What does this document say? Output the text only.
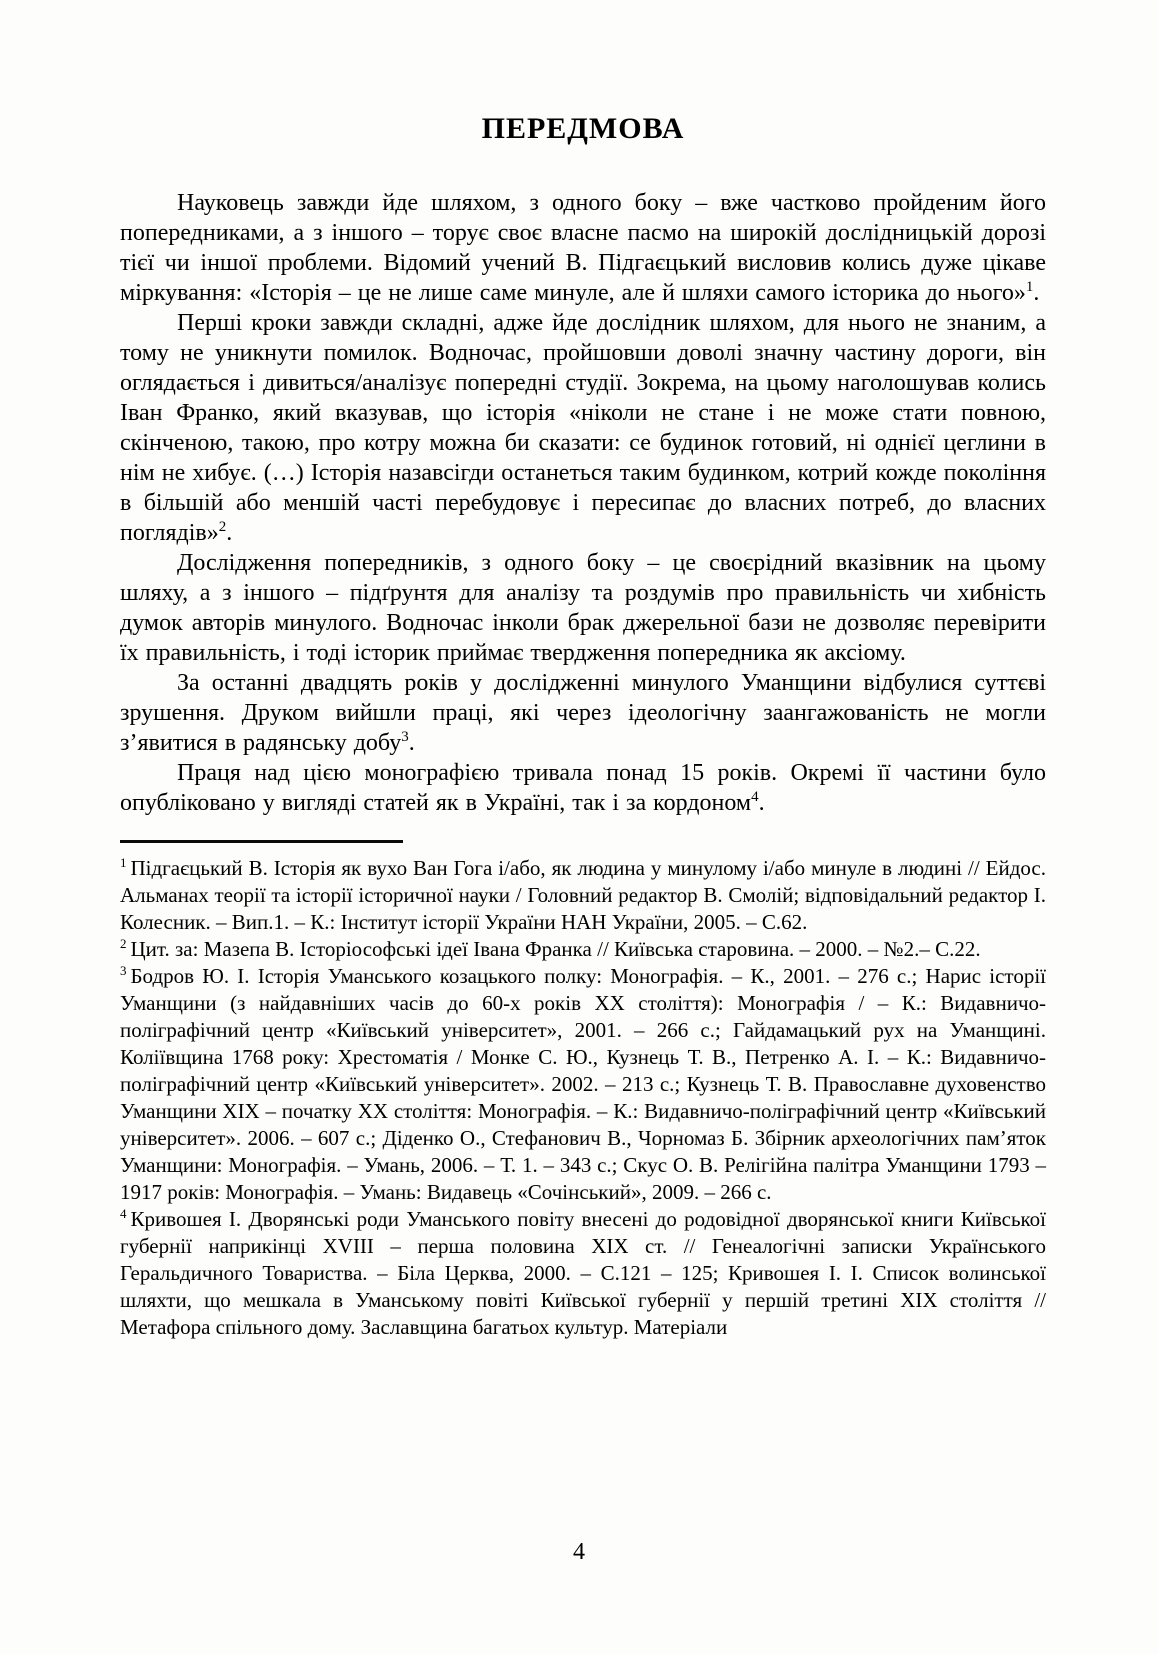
ПЕРЕДМОВА

Науковець завжди йде шляхом, з одного боку – вже частково пройденим його попередниками, а з іншого – торує своє власне пасмо на широкій дослідницькій дорозі тієї чи іншої проблеми. Відомий учений В. Підгаєцький висловив колись дуже цікаве міркування: «Історія – це не лише саме минуле, але й шляхи самого історика до нього»$^1$.

Перші кроки завжди складні, адже йде дослідник шляхом, для нього не знаним, а тому не уникнути помилок. Водночас, пройшовши доволі значну частину дороги, він оглядається і дивиться/аналізує попередні студії. Зокрема, на цьому наголошував колись Іван Франко, який вказував, що історія «ніколи не стане і не може стати повною, скінченою, такою, про котру можна би сказати: се будинок готовий, ні однієї цеглини в нім не хибує. (…) Історія назавсігди останеться таким будинком, котрий кожде покоління в більшій або меншій часті перебудовує і пересипає до власних потреб, до власних поглядів»$^2$.

Дослідження попередників, з одного боку – це своєрідний вказівник на цьому шляху, а з іншого – підґрунтя для аналізу та роздумів про правильність чи хибність думок авторів минулого. Водночас інколи брак джерельної бази не дозволяє перевірити їх правильність, і тоді історик приймає твердження попередника як аксіому.

За останні двадцять років у дослідженні минулого Уманщини відбулися суттєві зрушення. Друком вийшли праці, які через ідеологічну заангажованість не могли з’явитися в радянську добу$^3$.

Праця над цією монографією тривала понад 15 років. Окремі її частини було опубліковано у вигляді статей як в Україні, так і за кордоном$^4$.

$^1$ Підгаєцький В. Історія як вухо Ван Гога і/або, як людина у минулому і/або минуле в людині // Ейдос. Альманах теорії та історії історичної науки / Головний редактор В. Смолій; відповідальний редактор І. Колесник. – Вип.1. – К.: Інститут історії України НАН України, 2005. – С.62.

$^2$ Цит. за: Мазепа В. Історіософські ідеї Івана Франка // Київська старовина. – 2000. – №2.– С.22.

$^3$ Бодров Ю. І. Історія Уманського козацького полку: Монографія. – К., 2001. – 276 с.; Нарис історії Уманщини (з найдавніших часів до 60-х років ХХ століття): Монографія / – К.: Видавничо-поліграфічний центр «Київський університет», 2001. – 266 с.; Гайдамацький рух на Уманщині. Коліївщина 1768 року: Хрестоматія / Монке С. Ю., Кузнець Т. В., Петренко А. І. – К.: Видавничо-поліграфічний центр «Київський університет». 2002. – 213 с.; Кузнець Т. В. Православне духовенство Уманщини ХІХ – початку ХХ століття: Монографія. – К.: Видавничо-поліграфічний центр «Київський університет». 2006. – 607 с.; Діденко О., Стефанович В., Чорномаз Б. Збірник археологічних пам’яток Уманщини: Монографія. – Умань, 2006. – Т. 1. – 343 с.; Скус О. В. Релігійна палітра Уманщини 1793 – 1917 років: Монографія. – Умань: Видавець «Сочінський», 2009. – 266 с.

$^4$ Кривошея І. Дворянські роди Уманського повіту внесені до родовідної дворянської книги Київської губернії наприкінці XVIII – перша половина ХІХ ст. // Генеалогічні записки Українського Геральдичного Товариства. – Біла Церква, 2000. – С.121 – 125; Кривошея І. І. Список волинської шляхти, що мешкала в Уманському повіті Київської губернії у першій третині ХІХ століття // Метафора спільного дому. Заславщина багатьох культур. Матеріали

4
